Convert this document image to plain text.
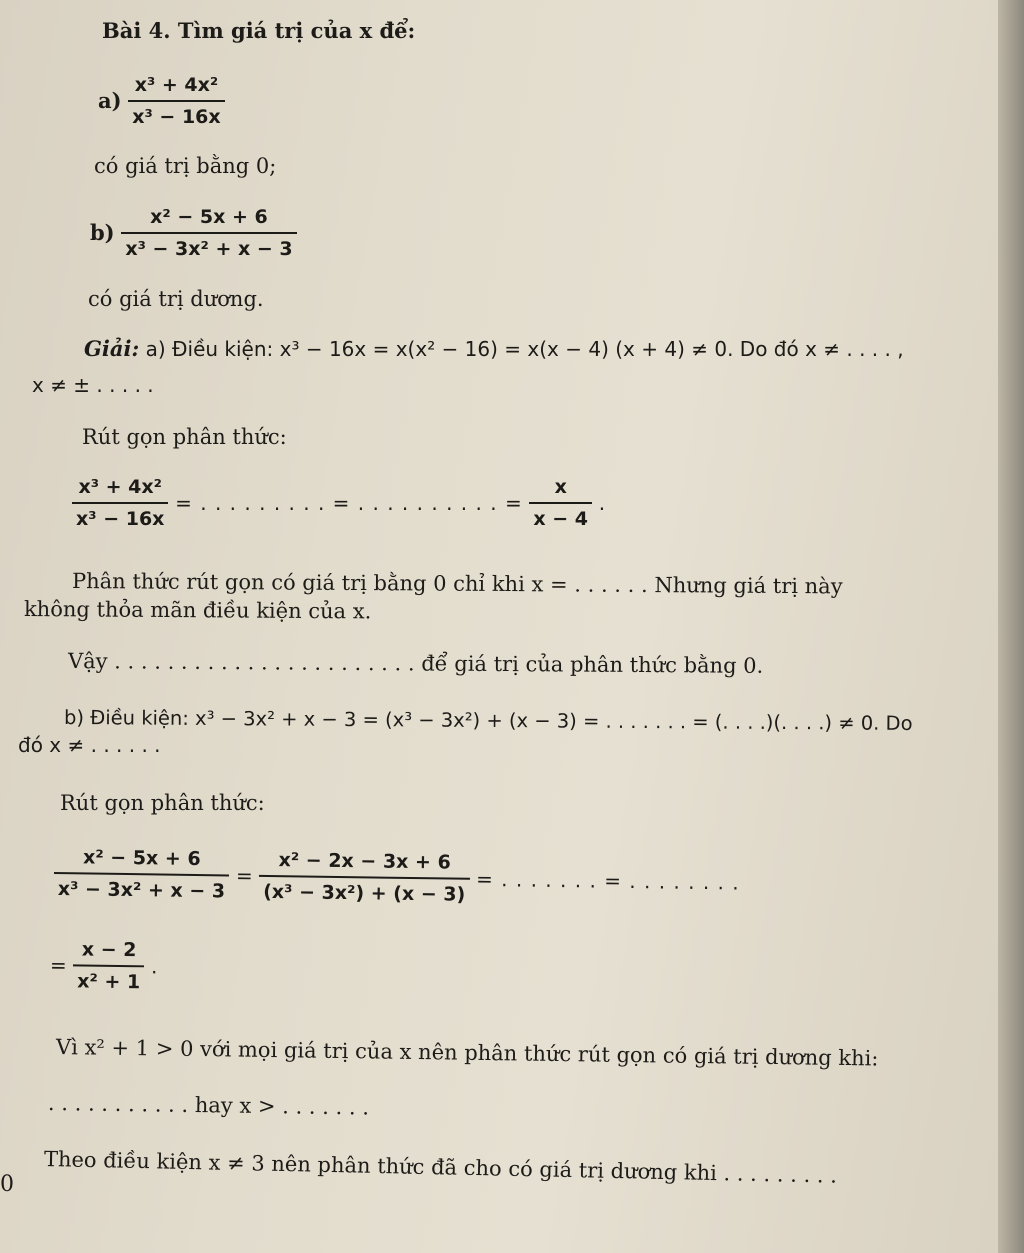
Bài 4. Tìm giá trị của x để:
$a) \frac{\text{x³ + 4x²}}{\text{x³ − 16x}}$
có giá trị bằng 0;
$b) \frac{\text{x² − 5x + 6}}{\text{x³ − 3x² + x − 3}}$
có giá trị dương.
Giải: a) Điều kiện: x³ − 16x = x(x² − 16) = x(x − 4) (x + 4) ≠ 0. Do đó x ≠ . . . . ,
x ≠ ± . . . . .
Rút gọn phân thức:
$\frac{\text{x³ + 4x²}}{\text{x³ − 16x}}$ = . . . . . . . . . = . . . . . . . . . . = $\frac{x}{x - 4}$ .
Phân thức rút gọn có giá trị bằng 0 chỉ khi x = . . . . . . Nhưng giá trị này
không thỏa mãn điều kiện của x.
Vậy . . . . . . . . . . . . . . . . . . . . . . . để giá trị của phân thức bằng 0.
b) Điều kiện: x³ − 3x² + x − 3 = (x³ − 3x²) + (x − 3) = . . . . . . . = (. . . .)(. . . .) ≠ 0. Do
đó x ≠ . . . . . .
Rút gọn phân thức:
$\frac{\text{x² − 5x + 6}}{\text{x³ − 3x² + x − 3}} = \frac{\text{x² − 2x − 3x + 6}}{\text{(x³ − 3x²) + (x − 3)}}$ = . . . . . . . = . . . . . . . .
= $\frac{x - 2}{\text{x² + 1}}$ .
Vì x² + 1 > 0 với mọi giá trị của x nên phân thức rút gọn có giá trị dương khi:
. . . . . . . . . . . hay x > . . . . . . .
Theo điều kiện x ≠ 3 nên phân thức đã cho có giá trị dương khi . . . . . . . . .
0
